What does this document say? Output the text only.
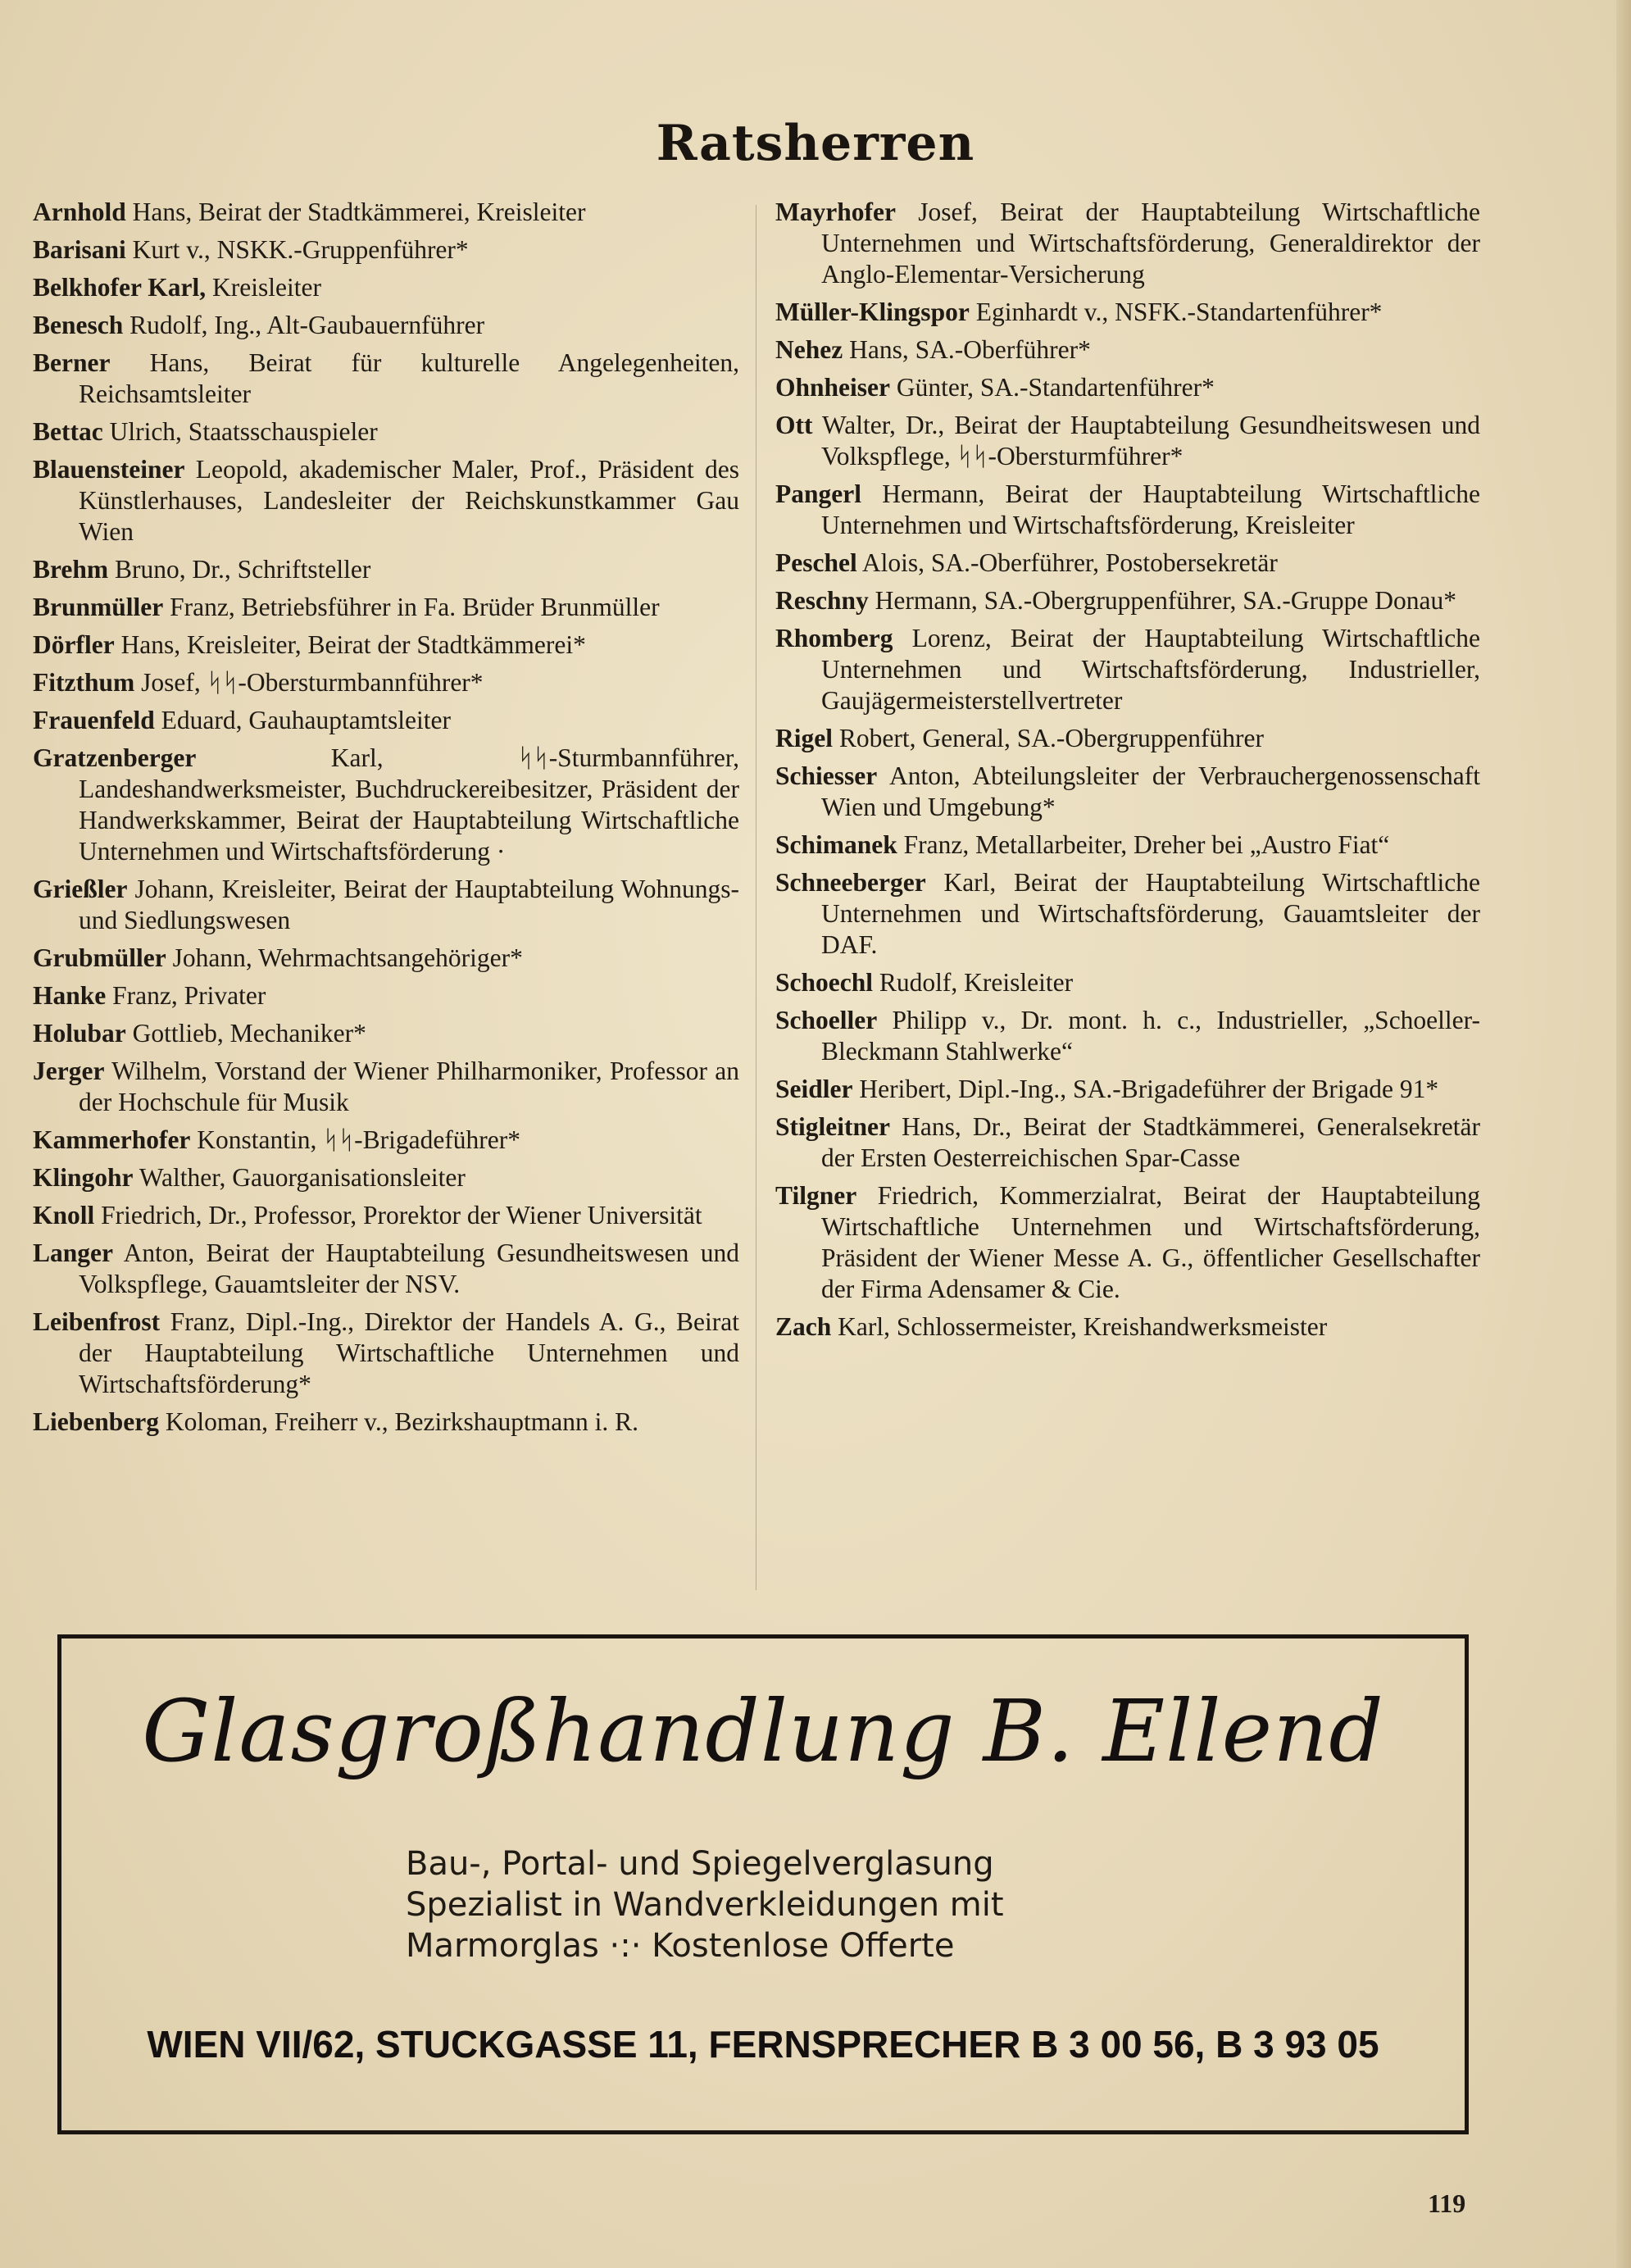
Ratsherren
Arnhold Hans, Beirat der Stadtkämmerei, Kreisleiter
Barisani Kurt v., NSKK.-Gruppenführer*
Belkhofer Karl, Kreisleiter
Benesch Rudolf, Ing., Alt-Gaubauernführer
Berner Hans, Beirat für kulturelle Angelegenheiten, Reichsamtsleiter
Bettac Ulrich, Staatsschauspieler
Blauensteiner Leopold, akademischer Maler, Prof., Präsident des Künstlerhauses, Landesleiter der Reichskunstkammer Gau Wien
Brehm Bruno, Dr., Schriftsteller
Brunmüller Franz, Betriebsführer in Fa. Brüder Brunmüller
Dörfler Hans, Kreisleiter, Beirat der Stadtkämmerei*
Fitzthum Josef, ᛋᛋ-Obersturmbannführer*
Frauenfeld Eduard, Gauhauptamtsleiter
Gratzenberger Karl, ᛋᛋ-Sturmbannführer, Landeshandwerksmeister, Buchdruckereibesitzer, Präsident der Handwerkskammer, Beirat der Hauptabteilung Wirtschaftliche Unternehmen und Wirtschaftsförderung ·
Grießler Johann, Kreisleiter, Beirat der Hauptabteilung Wohnungs- und Siedlungswesen
Grubmüller Johann, Wehrmachtsangehöriger*
Hanke Franz, Privater
Holubar Gottlieb, Mechaniker*
Jerger Wilhelm, Vorstand der Wiener Philharmoniker, Professor an der Hochschule für Musik
Kammerhofer Konstantin, ᛋᛋ-Brigadeführer*
Klingohr Walther, Gauorganisationsleiter
Knoll Friedrich, Dr., Professor, Prorektor der Wiener Universität
Langer Anton, Beirat der Hauptabteilung Gesundheitswesen und Volkspflege, Gauamtsleiter der NSV.
Leibenfrost Franz, Dipl.-Ing., Direktor der Handels A. G., Beirat der Hauptabteilung Wirtschaftliche Unternehmen und Wirtschaftsförderung*
Liebenberg Koloman, Freiherr v., Bezirkshauptmann i. R.
Mayrhofer Josef, Beirat der Hauptabteilung Wirtschaftliche Unternehmen und Wirtschaftsförderung, Generaldirektor der Anglo-Elementar-Versicherung
Müller-Klingspor Eginhardt v., NSFK.-Standartenführer*
Nehez Hans, SA.-Oberführer*
Ohnheiser Günter, SA.-Standartenführer*
Ott Walter, Dr., Beirat der Hauptabteilung Gesundheitswesen und Volkspflege, ᛋᛋ-Obersturmführer*
Pangerl Hermann, Beirat der Hauptabteilung Wirtschaftliche Unternehmen und Wirtschaftsförderung, Kreisleiter
Peschel Alois, SA.-Oberführer, Postobersekretär
Reschny Hermann, SA.-Obergruppenführer, SA.-Gruppe Donau*
Rhomberg Lorenz, Beirat der Hauptabteilung Wirtschaftliche Unternehmen und Wirtschaftsförderung, Industrieller, Gaujägermeisterstellvertreter
Rigel Robert, General, SA.-Obergruppenführer
Schiesser Anton, Abteilungsleiter der Verbrauchergenossenschaft Wien und Umgebung*
Schimanek Franz, Metallarbeiter, Dreher bei „Austro Fiat“
Schneeberger Karl, Beirat der Hauptabteilung Wirtschaftliche Unternehmen und Wirtschaftsförderung, Gauamtsleiter der DAF.
Schoechl Rudolf, Kreisleiter
Schoeller Philipp v., Dr. mont. h. c., Industrieller, „Schoeller-Bleckmann Stahlwerke“
Seidler Heribert, Dipl.-Ing., SA.-Brigadeführer der Brigade 91*
Stigleitner Hans, Dr., Beirat der Stadtkämmerei, Generalsekretär der Ersten Oesterreichischen Spar-Casse
Tilgner Friedrich, Kommerzialrat, Beirat der Hauptabteilung Wirtschaftliche Unternehmen und Wirtschaftsförderung, Präsident der Wiener Messe A. G., öffentlicher Gesellschafter der Firma Adensamer & Cie.
Zach Karl, Schlossermeister, Kreishandwerksmeister
Glasgroßhandlung B. Ellend
Bau-, Portal- und Spiegelverglasung
Spezialist in Wandverkleidungen mit
Marmorglas ·:· Kostenlose Offerte
WIEN VII/62, STUCKGASSE 11, FERNSPRECHER B 3 00 56, B 3 93 05
119
